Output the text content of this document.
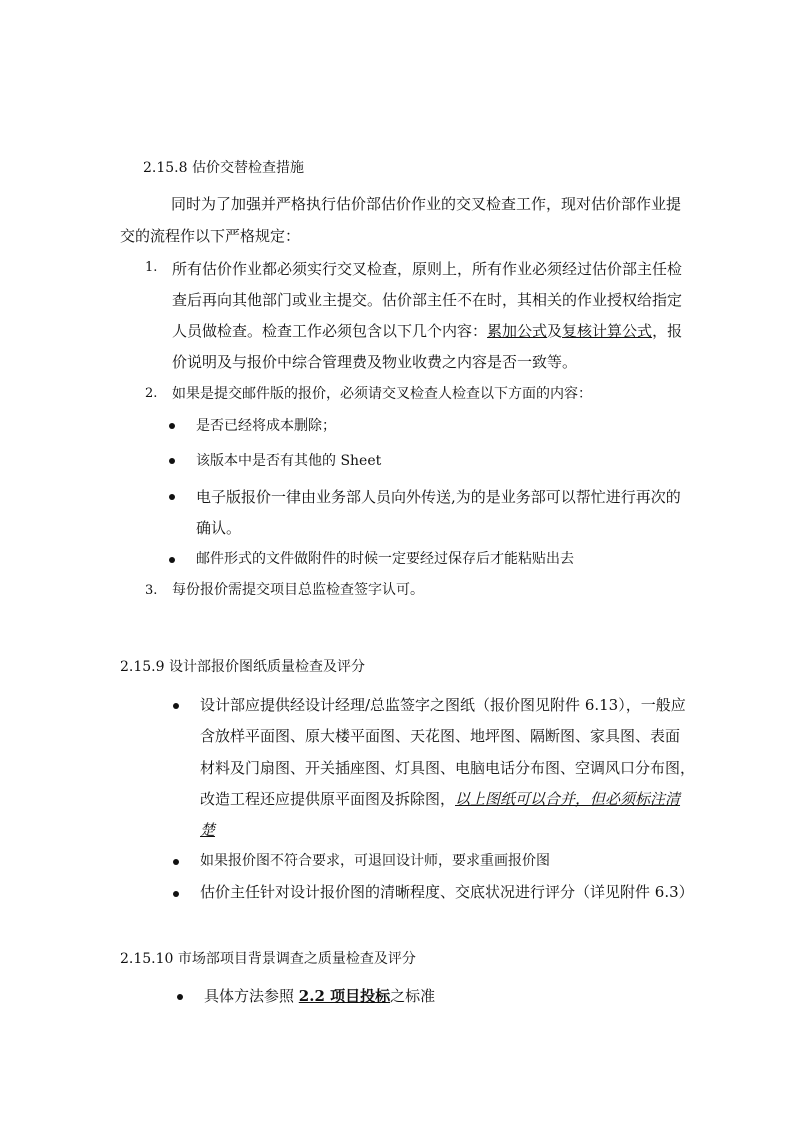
2.15.8 估价交替检查措施
同时为了加强并严格执行估价部估价作业的交叉检查工作，现对估价部作业提
交的流程作以下严格规定：
1. 所有估价作业都必须实行交叉检查，原则上，所有作业必须经过估价部主任检
查后再向其他部门或业主提交。估价部主任不在时，其相关的作业授权给指定
人员做检查。检查工作必须包含以下几个内容：累加公式及复核计算公式，报
价说明及与报价中综合管理费及物业收费之内容是否一致等。
2. 如果是提交邮件版的报价，必须请交叉检查人检查以下方面的内容：
是否已经将成本删除；
该版本中是否有其他的 Sheet
电子版报价一律由业务部人员向外传送,为的是业务部可以帮忙进行再次的
确认。
邮件形式的文件做附件的时候一定要经过保存后才能粘贴出去
3. 每份报价需提交项目总监检查签字认可。
2.15.9 设计部报价图纸质量检查及评分
设计部应提供经设计经理/总监签字之图纸（报价图见附件 6.13），一般应
含放样平面图、原大楼平面图、天花图、地坪图、隔断图、家具图、表面
材料及门扇图、开关插座图、灯具图、电脑电话分布图、空调风口分布图，
改造工程还应提供原平面图及拆除图，以上图纸可以合并，但必须标注清
楚
如果报价图不符合要求，可退回设计师，要求重画报价图
估价主任针对设计报价图的清晰程度、交底状况进行评分（详见附件 6.3）
2.15.10 市场部项目背景调查之质量检查及评分
具体方法参照 2.2 项目投标之标准
